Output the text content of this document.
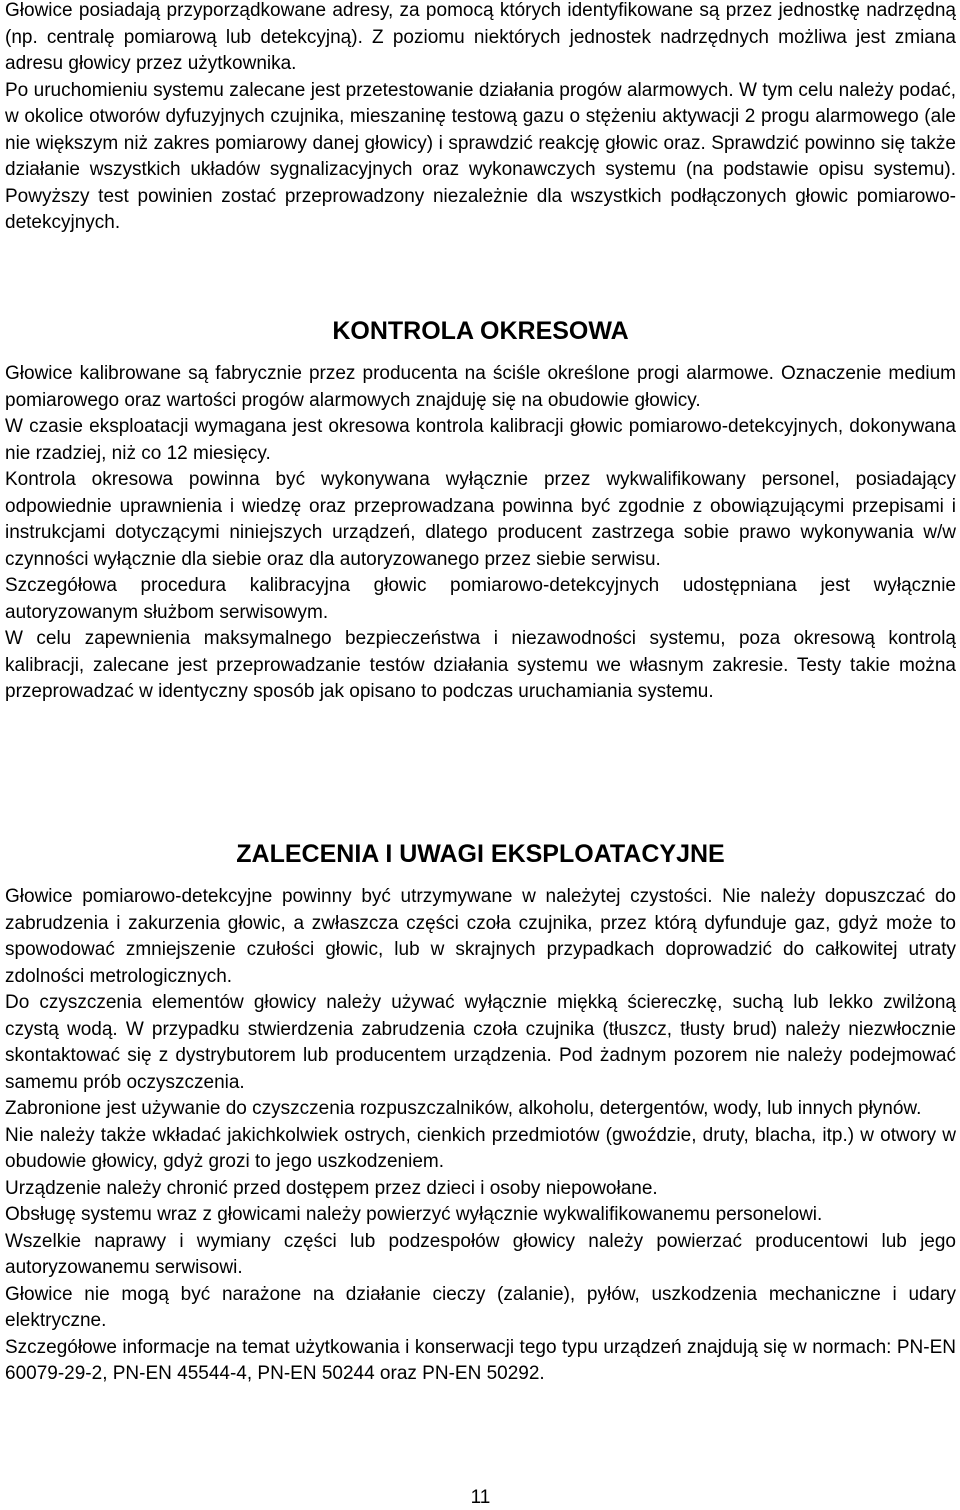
Głowice posiadają przyporządkowane adresy, za pomocą których identyfikowane są przez jednostkę nadrzędną (np. centralę pomiarową lub detekcyjną). Z poziomu niektórych jednostek nadrzędnych możliwa jest zmiana adresu głowicy przez użytkownika.

Po uruchomieniu systemu zalecane jest przetestowanie działania progów alarmowych. W tym celu należy podać, w okolice otworów dyfuzyjnych czujnika, mieszaninę testową gazu o stężeniu aktywacji 2 progu alarmowego (ale nie większym niż zakres pomiarowy danej głowicy) i sprawdzić reakcję głowic oraz. Sprawdzić powinno się także działanie wszystkich układów sygnalizacyjnych oraz wykonawczych systemu (na podstawie opisu systemu). Powyższy test powinien zostać przeprowadzony niezależnie dla wszystkich podłączonych głowic pomiarowo-detekcyjnych.

KONTROLA OKRESOWA

Głowice kalibrowane są fabrycznie przez producenta na ściśle określone progi alarmowe. Oznaczenie medium pomiarowego oraz wartości progów alarmowych znajduję się na obudowie głowicy.

W czasie eksploatacji wymagana jest okresowa kontrola kalibracji głowic pomiarowo-detekcyjnych, dokonywana nie rzadziej, niż co 12 miesięcy.

Kontrola okresowa powinna być wykonywana wyłącznie przez wykwalifikowany personel, posiadający odpowiednie uprawnienia i wiedzę oraz przeprowadzana powinna być zgodnie z obowiązującymi przepisami i instrukcjami dotyczącymi niniejszych urządzeń, dlatego producent zastrzega sobie prawo wykonywania w/w czynności wyłącznie dla siebie oraz dla autoryzowanego przez siebie serwisu.

Szczegółowa procedura kalibracyjna głowic pomiarowo-detekcyjnych udostępniana jest wyłącznie autoryzowanym służbom serwisowym.

W celu zapewnienia maksymalnego bezpieczeństwa i niezawodności systemu, poza okresową kontrolą kalibracji, zalecane jest przeprowadzanie testów działania systemu we własnym zakresie. Testy takie można przeprowadzać w identyczny sposób jak opisano to podczas uruchamiania systemu.

ZALECENIA I UWAGI EKSPLOATACYJNE

Głowice pomiarowo-detekcyjne powinny być utrzymywane w należytej czystości. Nie należy dopuszczać do zabrudzenia i zakurzenia głowic, a zwłaszcza części czoła czujnika, przez którą dyfunduje gaz, gdyż może to spowodować zmniejszenie czułości głowic, lub w skrajnych przypadkach doprowadzić do całkowitej utraty zdolności metrologicznych.

Do czyszczenia elementów głowicy należy używać wyłącznie miękką ściereczkę, suchą lub lekko zwilżoną czystą wodą. W przypadku stwierdzenia zabrudzenia czoła czujnika (tłuszcz, tłusty brud) należy niezwłocznie skontaktować się z dystrybutorem lub producentem urządzenia. Pod żadnym pozorem nie należy podejmować samemu prób oczyszczenia.

Zabronione jest używanie do czyszczenia rozpuszczalników, alkoholu, detergentów, wody, lub innych płynów.

Nie należy także wkładać jakichkolwiek ostrych, cienkich przedmiotów (gwoździe, druty, blacha, itp.) w otwory w obudowie głowicy, gdyż grozi to jego uszkodzeniem.

Urządzenie należy chronić przed dostępem przez dzieci i osoby niepowołane.

Obsługę systemu wraz z głowicami należy powierzyć wyłącznie wykwalifikowanemu personelowi.

Wszelkie naprawy i wymiany części lub podzespołów głowicy należy powierzać producentowi lub jego autoryzowanemu serwisowi.

Głowice nie mogą być narażone na działanie cieczy (zalanie), pyłów, uszkodzenia mechaniczne i udary elektryczne.

Szczegółowe informacje na temat użytkowania i konserwacji tego typu urządzeń znajdują się w normach: PN-EN 60079-29-2, PN-EN 45544-4, PN-EN 50244 oraz PN-EN 50292.

11
